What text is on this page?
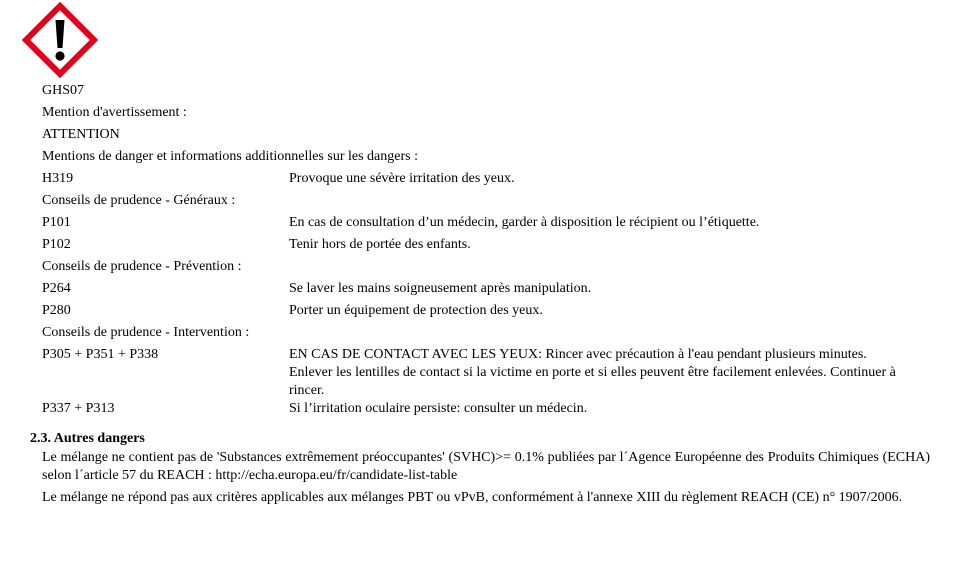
GHS07
Mention d'avertissement :
ATTENTION
Mentions de danger et informations additionnelles sur les dangers :
H319	Provoque une sévère irritation des yeux.
Conseils de prudence - Généraux :
P101	En cas de consultation d’un médecin, garder à disposition le récipient ou l’étiquette.
P102	Tenir hors de portée des enfants.
Conseils de prudence - Prévention :
P264	Se laver les mains soigneusement après manipulation.
P280	Porter un équipement de protection des yeux.
Conseils de prudence - Intervention :
P305 + P351 + P338	EN CAS DE CONTACT AVEC LES YEUX: Rincer avec précaution à l'eau pendant plusieurs minutes. Enlever les lentilles de contact si la victime en porte et si elles peuvent être facilement enlevées. Continuer à rincer.
P337 + P313	Si l’irritation oculaire persiste: consulter un médecin.
2.3. Autres dangers
Le mélange ne contient pas de 'Substances extrêmement préoccupantes' (SVHC)>= 0.1% publiées par l´Agence Européenne des Produits Chimiques (ECHA) selon l´article 57 du REACH : http://echa.europa.eu/fr/candidate-list-table
Le mélange ne répond pas aux critères applicables aux mélanges PBT ou vPvB, conformément à l'annexe XIII du règlement REACH (CE) n° 1907/2006.
